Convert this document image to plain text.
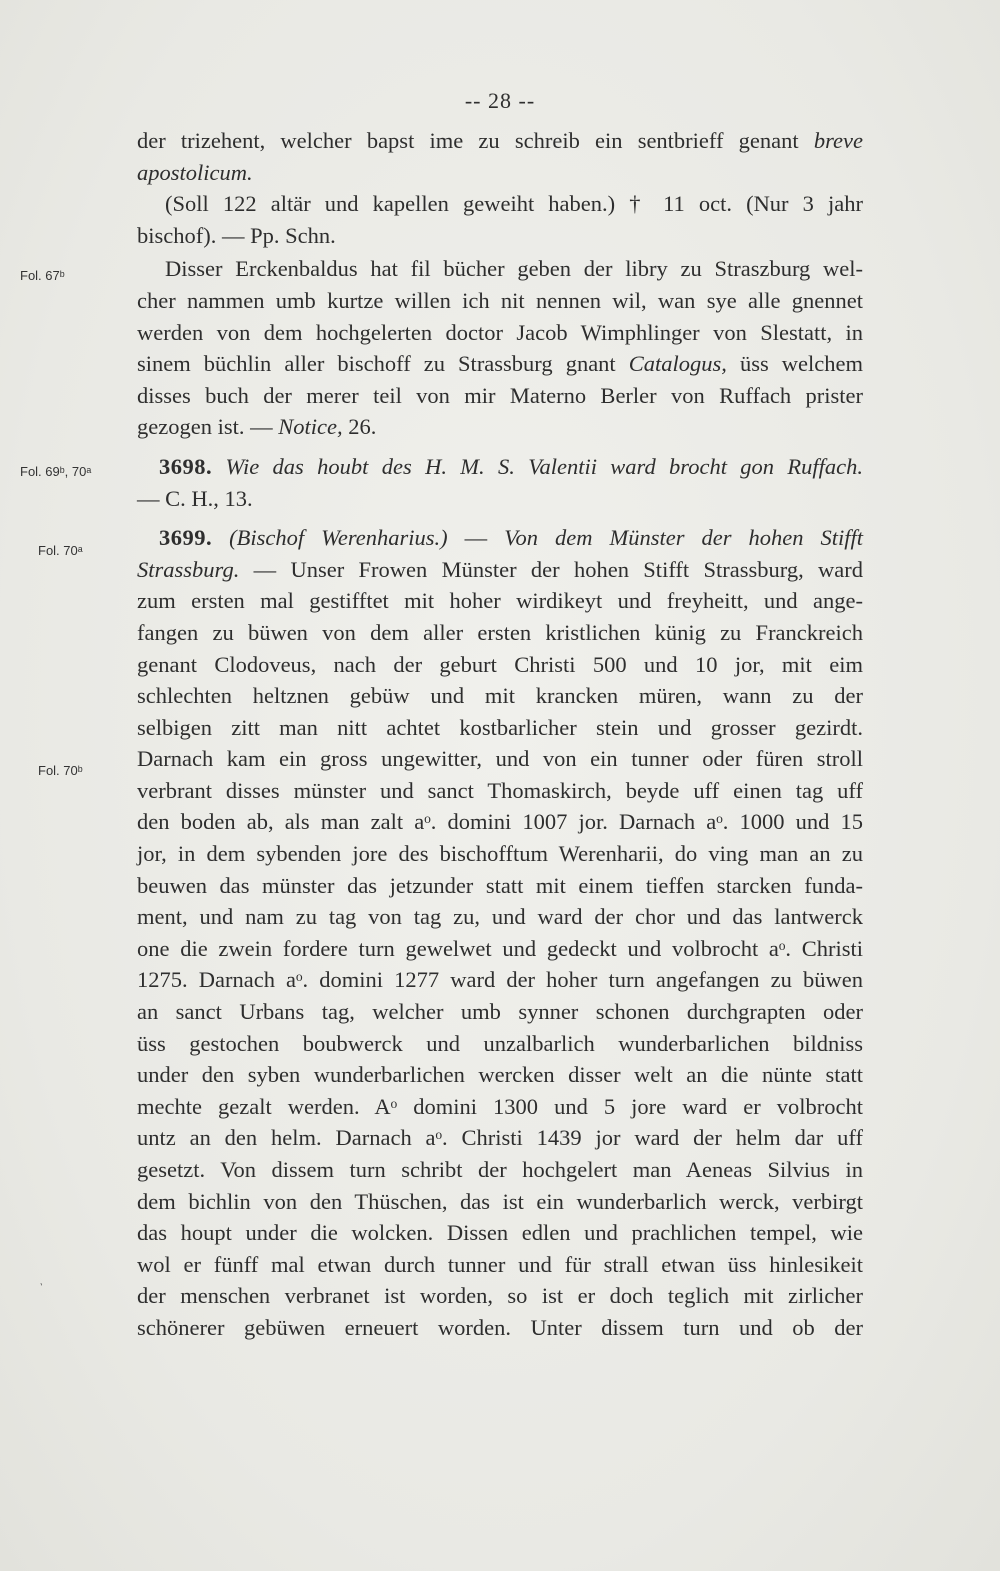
-- 28 --
Fol. 67ᵇ
Fol. 69ᵇ, 70ᵃ
Fol. 70ᵃ
Fol. 70ᵇ
˴
der trizehent, welcher bapst ime zu schreib ein sentbrieff genant breve
apostolicum.
(Soll 122 altär und kapellen geweiht haben.) † 11 oct. (Nur 3 jahr
bischof). — Pp. Schn.
Disser Erckenbaldus hat fil bücher geben der libry zu Straszburg wel-
cher nammen umb kurtze willen ich nit nennen wil, wan sye alle gnennet
werden von dem hochgelerten doctor Jacob Wimphlinger von Slestatt, in
sinem büchlin aller bischoff zu Strassburg gnant Catalogus, üss welchem
disses buch der merer teil von mir Materno Berler von Ruffach prister
gezogen ist. — Notice, 26.
3698. Wie das houbt des H. M. S. Valentii ward brocht gon Ruffach.
— C. H., 13.
3699. (Bischof Werenharius.) — Von dem Münster der hohen Stifft
Strassburg. — Unser Frowen Münster der hohen Stifft Strassburg, ward
zum ersten mal gestifftet mit hoher wirdikeyt und freyheitt, und ange-
fangen zu büwen von dem aller ersten kristlichen künig zu Franckreich
genant Clodoveus, nach der geburt Christi 500 und 10 jor, mit eim
schlechten heltznen gebüw und mit krancken müren, wann zu der
selbigen zitt man nitt achtet kostbarlicher stein und grosser gezirdt.
Darnach kam ein gross ungewitter, und von ein tunner oder füren stroll
verbrant disses münster und sanct Thomaskirch, beyde uff einen tag uff
den boden ab, als man zalt aᵒ. domini 1007 jor. Darnach aᵒ. 1000 und 15
jor, in dem sybenden jore des bischofftum Werenharii, do ving man an zu
beuwen das münster das jetzunder statt mit einem tieffen starcken funda-
ment, und nam zu tag von tag zu, und ward der chor und das lantwerck
one die zwein fordere turn gewelwet und gedeckt und volbrocht aᵒ. Christi
1275. Darnach aᵒ. domini 1277 ward der hoher turn angefangen zu büwen
an sanct Urbans tag, welcher umb synner schonen durchgrapten oder
üss gestochen boubwerck und unzalbarlich wunderbarlichen bildniss
under den syben wunderbarlichen wercken disser welt an die nünte statt
mechte gezalt werden. Aᵒ domini 1300 und 5 jore ward er volbrocht
untz an den helm. Darnach aᵒ. Christi 1439 jor ward der helm dar uff
gesetzt. Von dissem turn schribt der hochgelert man Aeneas Silvius in
dem bichlin von den Thüschen, das ist ein wunderbarlich werck, verbirgt
das houpt under die wolcken. Dissen edlen und prachlichen tempel, wie
wol er fünff mal etwan durch tunner und für strall etwan üss hinlesikeit
der menschen verbranet ist worden, so ist er doch teglich mit zirlicher
schönerer gebüwen erneuert worden. Unter dissem turn und ob der
